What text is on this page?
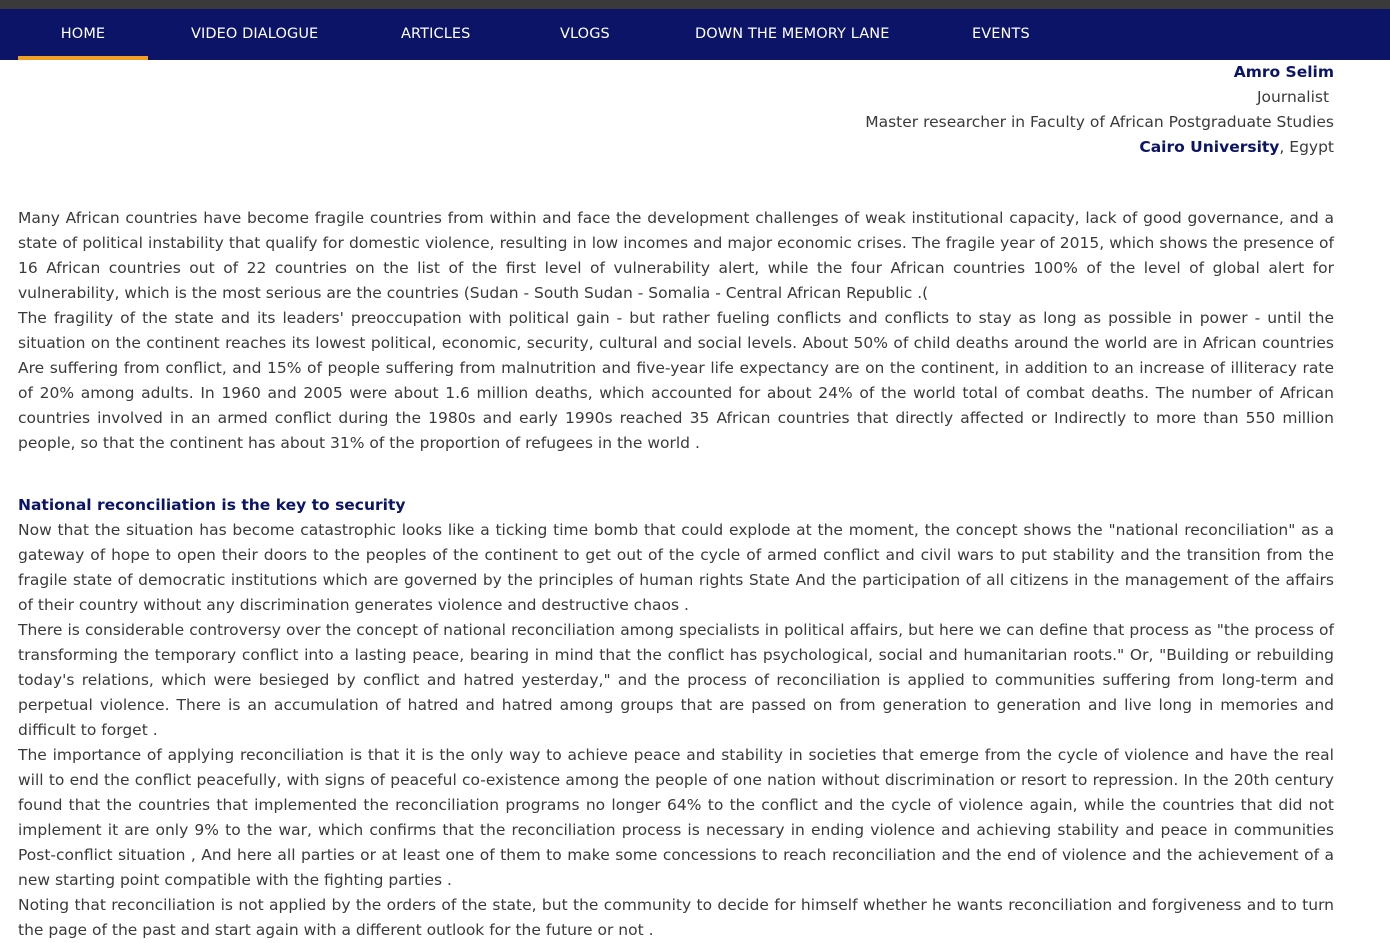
HOME	VIDEO DIALOGUE	ARTICLES	VLOGS	DOWN THE MEMORY LANE	EVENTS
Amro Selim
Journalist
Master researcher in Faculty of African Postgraduate Studies
Cairo University, Egypt

Many African countries have become fragile countries from within and face the development challenges of weak institutional capacity, lack of good governance, and a state of political instability that qualify for domestic violence, resulting in low incomes and major economic crises. The fragile year of 2015, which shows the presence of 16 African countries out of 22 countries on the list of the first level of vulnerability alert, while the four African countries 100% of the level of global alert for vulnerability, which is the most serious are the countries (Sudan - South Sudan - Somalia - Central African Republic .(

The fragility of the state and its leaders' preoccupation with political gain - but rather fueling conflicts and conflicts to stay as long as possible in power - until the situation on the continent reaches its lowest political, economic, security, cultural and social levels. About 50% of child deaths around the world are in African countries Are suffering from conflict, and 15% of people suffering from malnutrition and five-year life expectancy are on the continent, in addition to an increase of illiteracy rate of 20% among adults. In 1960 and 2005 were about 1.6 million deaths, which accounted for about 24% of the world total of combat deaths. The number of African countries involved in an armed conflict during the 1980s and early 1990s reached 35 African countries that directly affected or Indirectly to more than 550 million people, so that the continent has about 31% of the proportion of refugees in the world .

National reconciliation is the key to security

Now that the situation has become catastrophic looks like a ticking time bomb that could explode at the moment, the concept shows the "national reconciliation" as a gateway of hope to open their doors to the peoples of the continent to get out of the cycle of armed conflict and civil wars to put stability and the transition from the fragile state of democratic institutions which are governed by the principles of human rights State And the participation of all citizens in the management of the affairs of their country without any discrimination generates violence and destructive chaos .

There is considerable controversy over the concept of national reconciliation among specialists in political affairs, but here we can define that process as "the process of transforming the temporary conflict into a lasting peace, bearing in mind that the conflict has psychological, social and humanitarian roots." Or, "Building or rebuilding today's relations, which were besieged by conflict and hatred yesterday," and the process of reconciliation is applied to communities suffering from long-term and perpetual violence. There is an accumulation of hatred and hatred among groups that are passed on from generation to generation and live long in memories and difficult to forget .

The importance of applying reconciliation is that it is the only way to achieve peace and stability in societies that emerge from the cycle of violence and have the real will to end the conflict peacefully, with signs of peaceful co-existence among the people of one nation without discrimination or resort to repression. In the 20th century found that the countries that implemented the reconciliation programs no longer 64% to the conflict and the cycle of violence again, while the countries that did not implement it are only 9% to the war, which confirms that the reconciliation process is necessary in ending violence and achieving stability and peace in communities Post-conflict situation , And here all parties or at least one of them to make some concessions to reach reconciliation and the end of violence and the achievement of a new starting point compatible with the fighting parties .

Noting that reconciliation is not applied by the orders of the state, but the community to decide for himself whether he wants reconciliation and forgiveness and to turn the page of the past and start again with a different outlook for the future or not .
